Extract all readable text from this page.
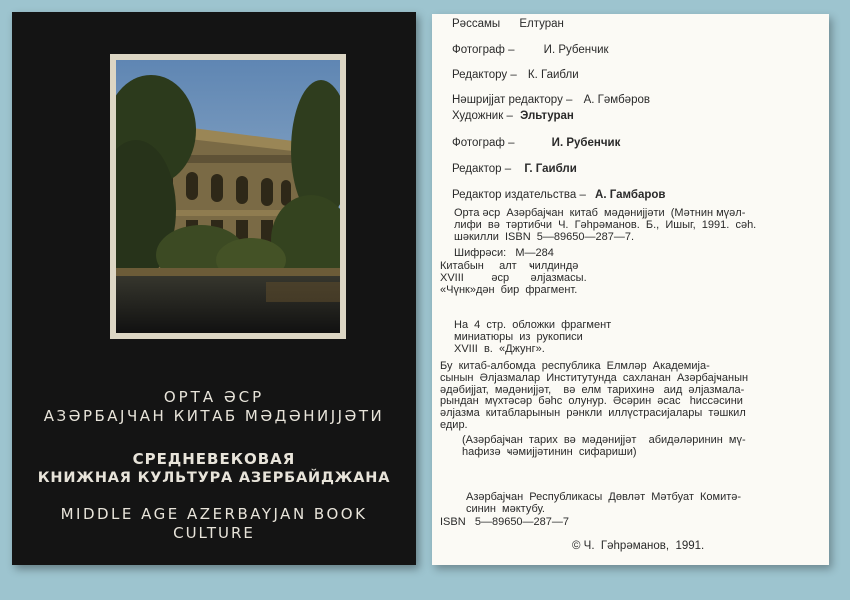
ОРТА ӘСР
АЗӘРБАЈЧАН КИТАБ МӘДӘНИЈЈӘТИ
СРЕДНЕВЕКОВАЯ
КНИЖНАЯ КУЛЬТУРА АЗЕРБАЙДЖАНА
MIDDLE AGE AZERBAYJAN BOOK
CULTURE
Рәссамы Елтуран
Фотограф –	И. Рубенчик
Редактору – К. Гаибли
Нәшријјат редактору – А. Гәмбәров
Художник – Эльтуран
Фотограф –	И. Рубенчик
Редактор – Г. Гаибли
Редактор издательства – А. Гамбаров
Орта әср  Азәрбајҹан  китаб  мәдәнијјәти  (Мәтнин мүәл-
лифи  вә  тәртибчи  Ч.  Гәһрәманов.  Б.,  Ишыг,  1991.  сәһ.
шәкилли  ISBN  5—89650—287—7.
Шифрәси:   М—284
Китабын     алт    ҹилдиндә
XVIII         әср       әлјазмасы.
«Чүнк»дән  бир  фрагмент.
На  4  стр.  обложки  фрагмент
миниатюры  из  рукописи
XVIII  в.  «Джунг».
Бу  китаб-албомда  республика  Елмләр  Академија-
сынын  Әлјазмалар  Институтунда  сахланан  Азәрбајҹанын
әдәбијјат,  мәдәнијјәт,    вә  елм  тарихинә   аид  әлјазмала-
рындан  мүхтәсәр  бәһс  олунур.  Әсәрин  әсас   һиссәсини
әлјазма  китабларынын  рәнкли  иллүстрасијалары  тәшкил
едир.
(Азәрбајҹан  тарих  вә  мәдәнијјәт    абидәләринин  мү-
һафизә  ҹәмијјәтинин  сифариши)
Азәрбајҹан  Республикасы  Дөвләт  Мәтбуат  Комитә-
синин  мәктубу.
ISBN   5—89650—287—7
© Ч.  Гәһрәманов,  1991.
